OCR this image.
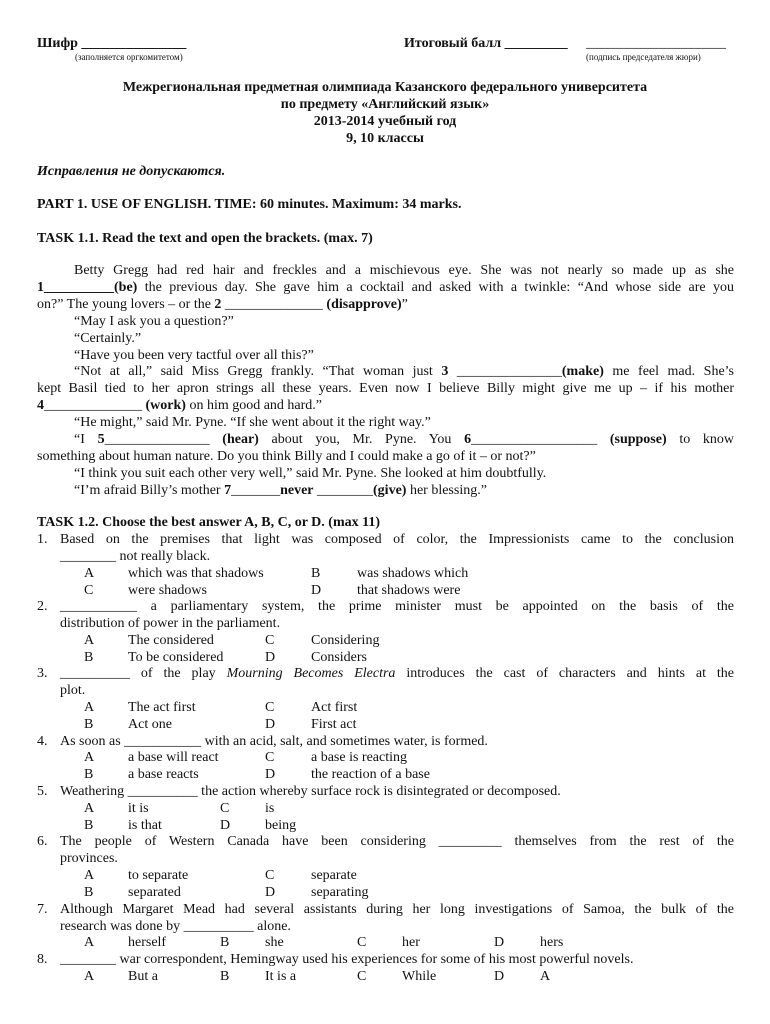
Шифр _______________
(заполняется оргкомитетом)
Итоговый балл _________ ____________________
(подпись председателя жюри)
Межрегиональная предметная олимпиада Казанского федерального университета
по предмету «Английский язык»
2013-2014 учебный год
9, 10 классы
Исправления не допускаются.
PART 1. USE OF ENGLISH. TIME: 60 minutes. Maximum: 34 marks.
TASK 1.1. Read the text and open the brackets. (max. 7)

Betty Gregg had red hair and freckles and a mischievous eye. She was not nearly so made up as she

1__________(be) the previous day. She gave him a cocktail and asked with a twinkle: “And whose side are you

on?” The young lovers – or the 2 ______________ (disapprove)”

“May I ask you a question?”

“Certainly.”

“Have you been very tactful over all this?”

“Not at all,” said Miss Gregg frankly. “That woman just 3 _______________(make) me feel mad. She’s

kept Basil tied to her apron strings all these years. Even now I believe Billy might give me up – if his mother

4______________ (work) on him good and hard.”

“He might,” said Mr. Pyne. “If she went about it the right way.”

“I 5_______________ (hear) about you, Mr. Pyne. You 6__________________ (suppose) to know

something about human nature. Do you think Billy and I could make a go of it – or not?”

“I think you suit each other very well,” said Mr. Pyne. She looked at him doubtfully.

“I’m afraid Billy’s mother 7_______never ________(give) her blessing.”

TASK 1.2. Choose the best answer A, B, C, or D. (max 11)
1. Based on the premises that light was composed of color, the Impressionists came to the conclusion
________ not really black.
A which was that shadows	B	was shadows which
C were shadows	D	that shadows were
2. ___________ a parliamentary system, the prime minister must be appointed on the basis of the
distribution of power in the parliament.
A The considered	C	Considering
B To be considered	D	Considers
3. __________ of the play Mourning Becomes Electra introduces the cast of characters and hints at the
plot.
A The act first	C	Act first
B Act one	D	First act
4. As soon as ___________ with an acid, salt, and sometimes water, is formed.
A a base will react	C	a base is reacting
B a base reacts	D	the reaction of a base
5. Weathering __________ the action whereby surface rock is disintegrated or decomposed.
A it is	C	is
B is that	D being
6. The people of Western Canada have been considering _________ themselves from the rest of the
provinces.
A to separate	C	separate
B separated	D	separating
7. Although Margaret Mead had several assistants during her long investigations of Samoa, the bulk of the
research was done by __________ alone.
A herself	B	she	C	her	D	hers
8. ________ war correspondent, Hemingway used his experiences for some of his most powerful novels.
A But a	B	It is a	C	While	D	A
